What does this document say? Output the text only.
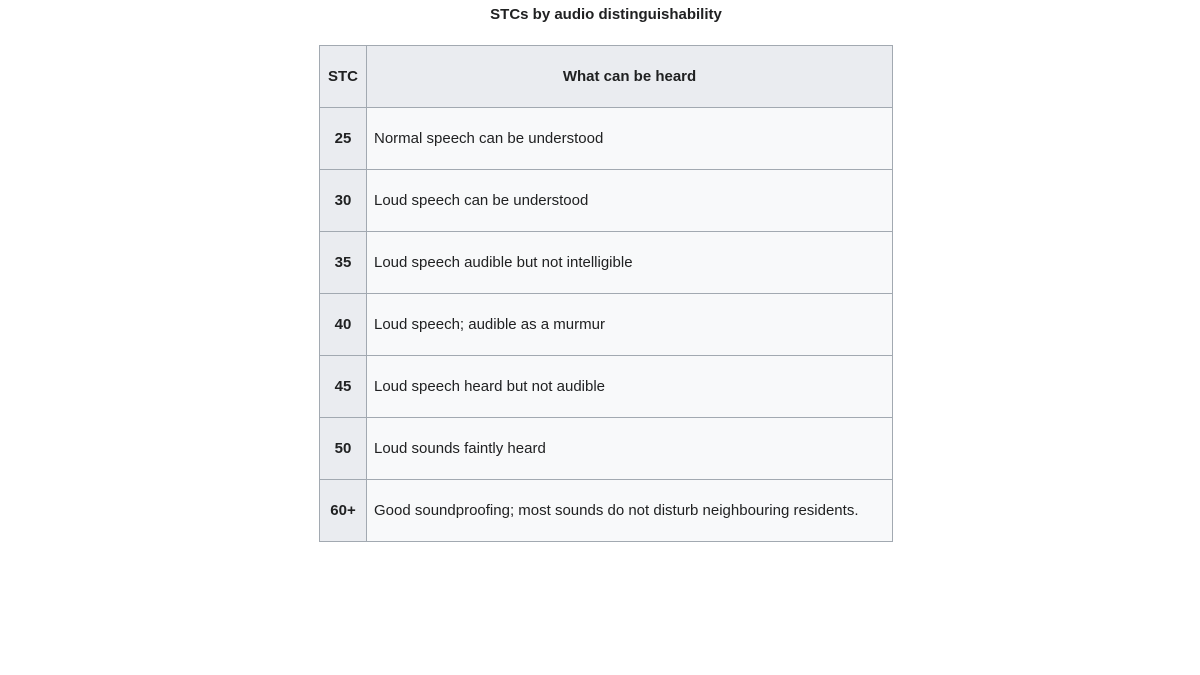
STCs by audio distinguishability
STC	What can be heard
25	Normal speech can be understood
30	Loud speech can be understood
35	Loud speech audible but not intelligible
40	Loud speech; audible as a murmur
45	Loud speech heard but not audible
50	Loud sounds faintly heard
60+	Good soundproofing; most sounds do not disturb neighbouring residents.
